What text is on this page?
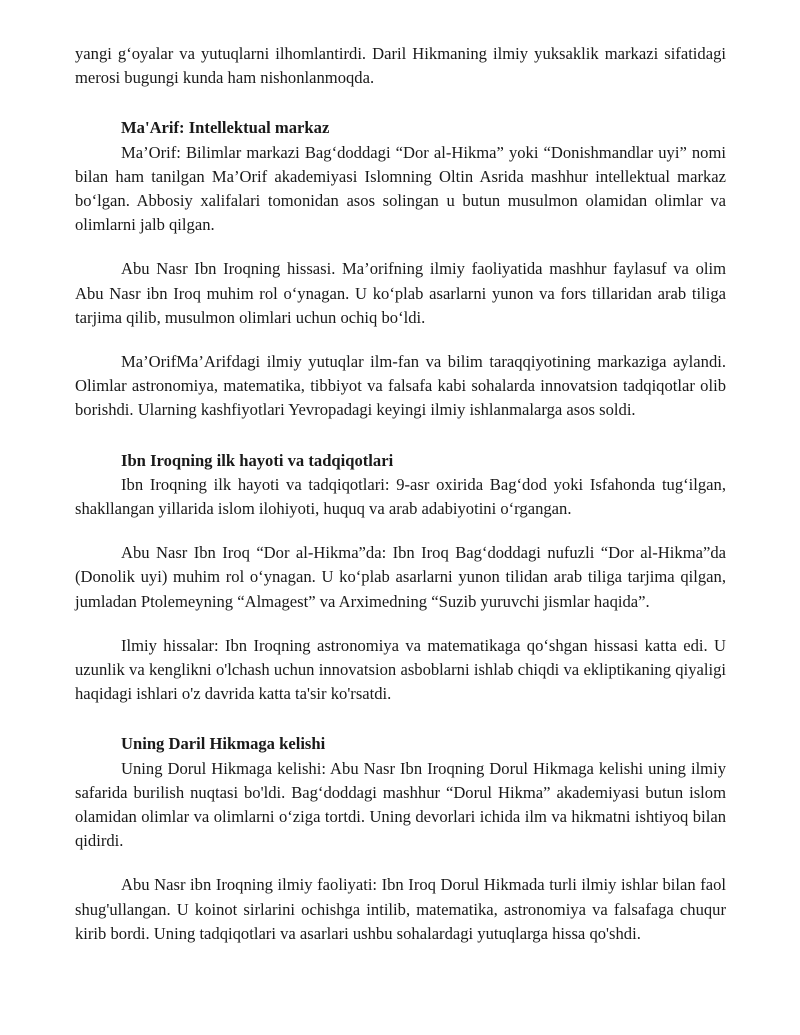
yangi g‘oyalar va yutuqlarni ilhomlantirdi. Daril Hikmaning ilmiy yuksaklik markazi sifatidagi merosi bugungi kunda ham nishonlanmoqda.

Ma'Arif: Intellektual markaz

Ma’Orif: Bilimlar markazi Bag‘doddagi “Dor al-Hikma” yoki “Donishmandlar uyi” nomi bilan ham tanilgan Ma’Orif akademiyasi Islomning Oltin Asrida mashhur intellektual markaz bo‘lgan. Abbosiy xalifalari tomonidan asos solingan u butun musulmon olamidan olimlar va olimlarni jalb qilgan.

Abu Nasr Ibn Iroqning hissasi. Ma’orifning ilmiy faoliyatida mashhur faylasuf va olim Abu Nasr ibn Iroq muhim rol o‘ynagan. U ko‘plab asarlarni yunon va fors tillaridan arab tiliga tarjima qilib, musulmon olimlari uchun ochiq bo‘ldi.

Ma’OrifMa’Arifdagi ilmiy yutuqlar ilm-fan va bilim taraqqiyotining markaziga aylandi. Olimlar astronomiya, matematika, tibbiyot va falsafa kabi sohalarda innovatsion tadqiqotlar olib borishdi. Ularning kashfiyotlari Yevropadagi keyingi ilmiy ishlanmalarga asos soldi.

Ibn Iroqning ilk hayoti va tadqiqotlari

Ibn Iroqning ilk hayoti va tadqiqotlari: 9-asr oxirida Bag‘dod yoki Isfahonda tug‘ilgan, shakllangan yillarida islom ilohiyoti, huquq va arab adabiyotini o‘rgangan.

Abu Nasr Ibn Iroq “Dor al-Hikma”da: Ibn Iroq Bag‘doddagi nufuzli “Dor al-Hikma”da (Donolik uyi) muhim rol o‘ynagan. U ko‘plab asarlarni yunon tilidan arab tiliga tarjima qilgan, jumladan Ptolemeyning “Almagest” va Arximedning “Suzib yuruvchi jismlar haqida”.

Ilmiy hissalar: Ibn Iroqning astronomiya va matematikaga qo‘shgan hissasi katta edi. U uzunlik va kenglikni o'lchash uchun innovatsion asboblarni ishlab chiqdi va ekliptikaning qiyaligi haqidagi ishlari o'z davrida katta ta'sir ko'rsatdi.

Uning Daril Hikmaga kelishi

Uning Dorul Hikmaga kelishi: Abu Nasr Ibn Iroqning Dorul Hikmaga kelishi uning ilmiy safarida burilish nuqtasi bo'ldi. Bag‘doddagi mashhur “Dorul Hikma” akademiyasi butun islom olamidan olimlar va olimlarni o‘ziga tortdi. Uning devorlari ichida ilm va hikmatni ishtiyoq bilan qidirdi.

Abu Nasr ibn Iroqning ilmiy faoliyati: Ibn Iroq Dorul Hikmada turli ilmiy ishlar bilan faol shug'ullangan. U koinot sirlarini ochishga intilib, matematika, astronomiya va falsafaga chuqur kirib bordi. Uning tadqiqotlari va asarlari ushbu sohalardagi yutuqlarga hissa qo'shdi.
